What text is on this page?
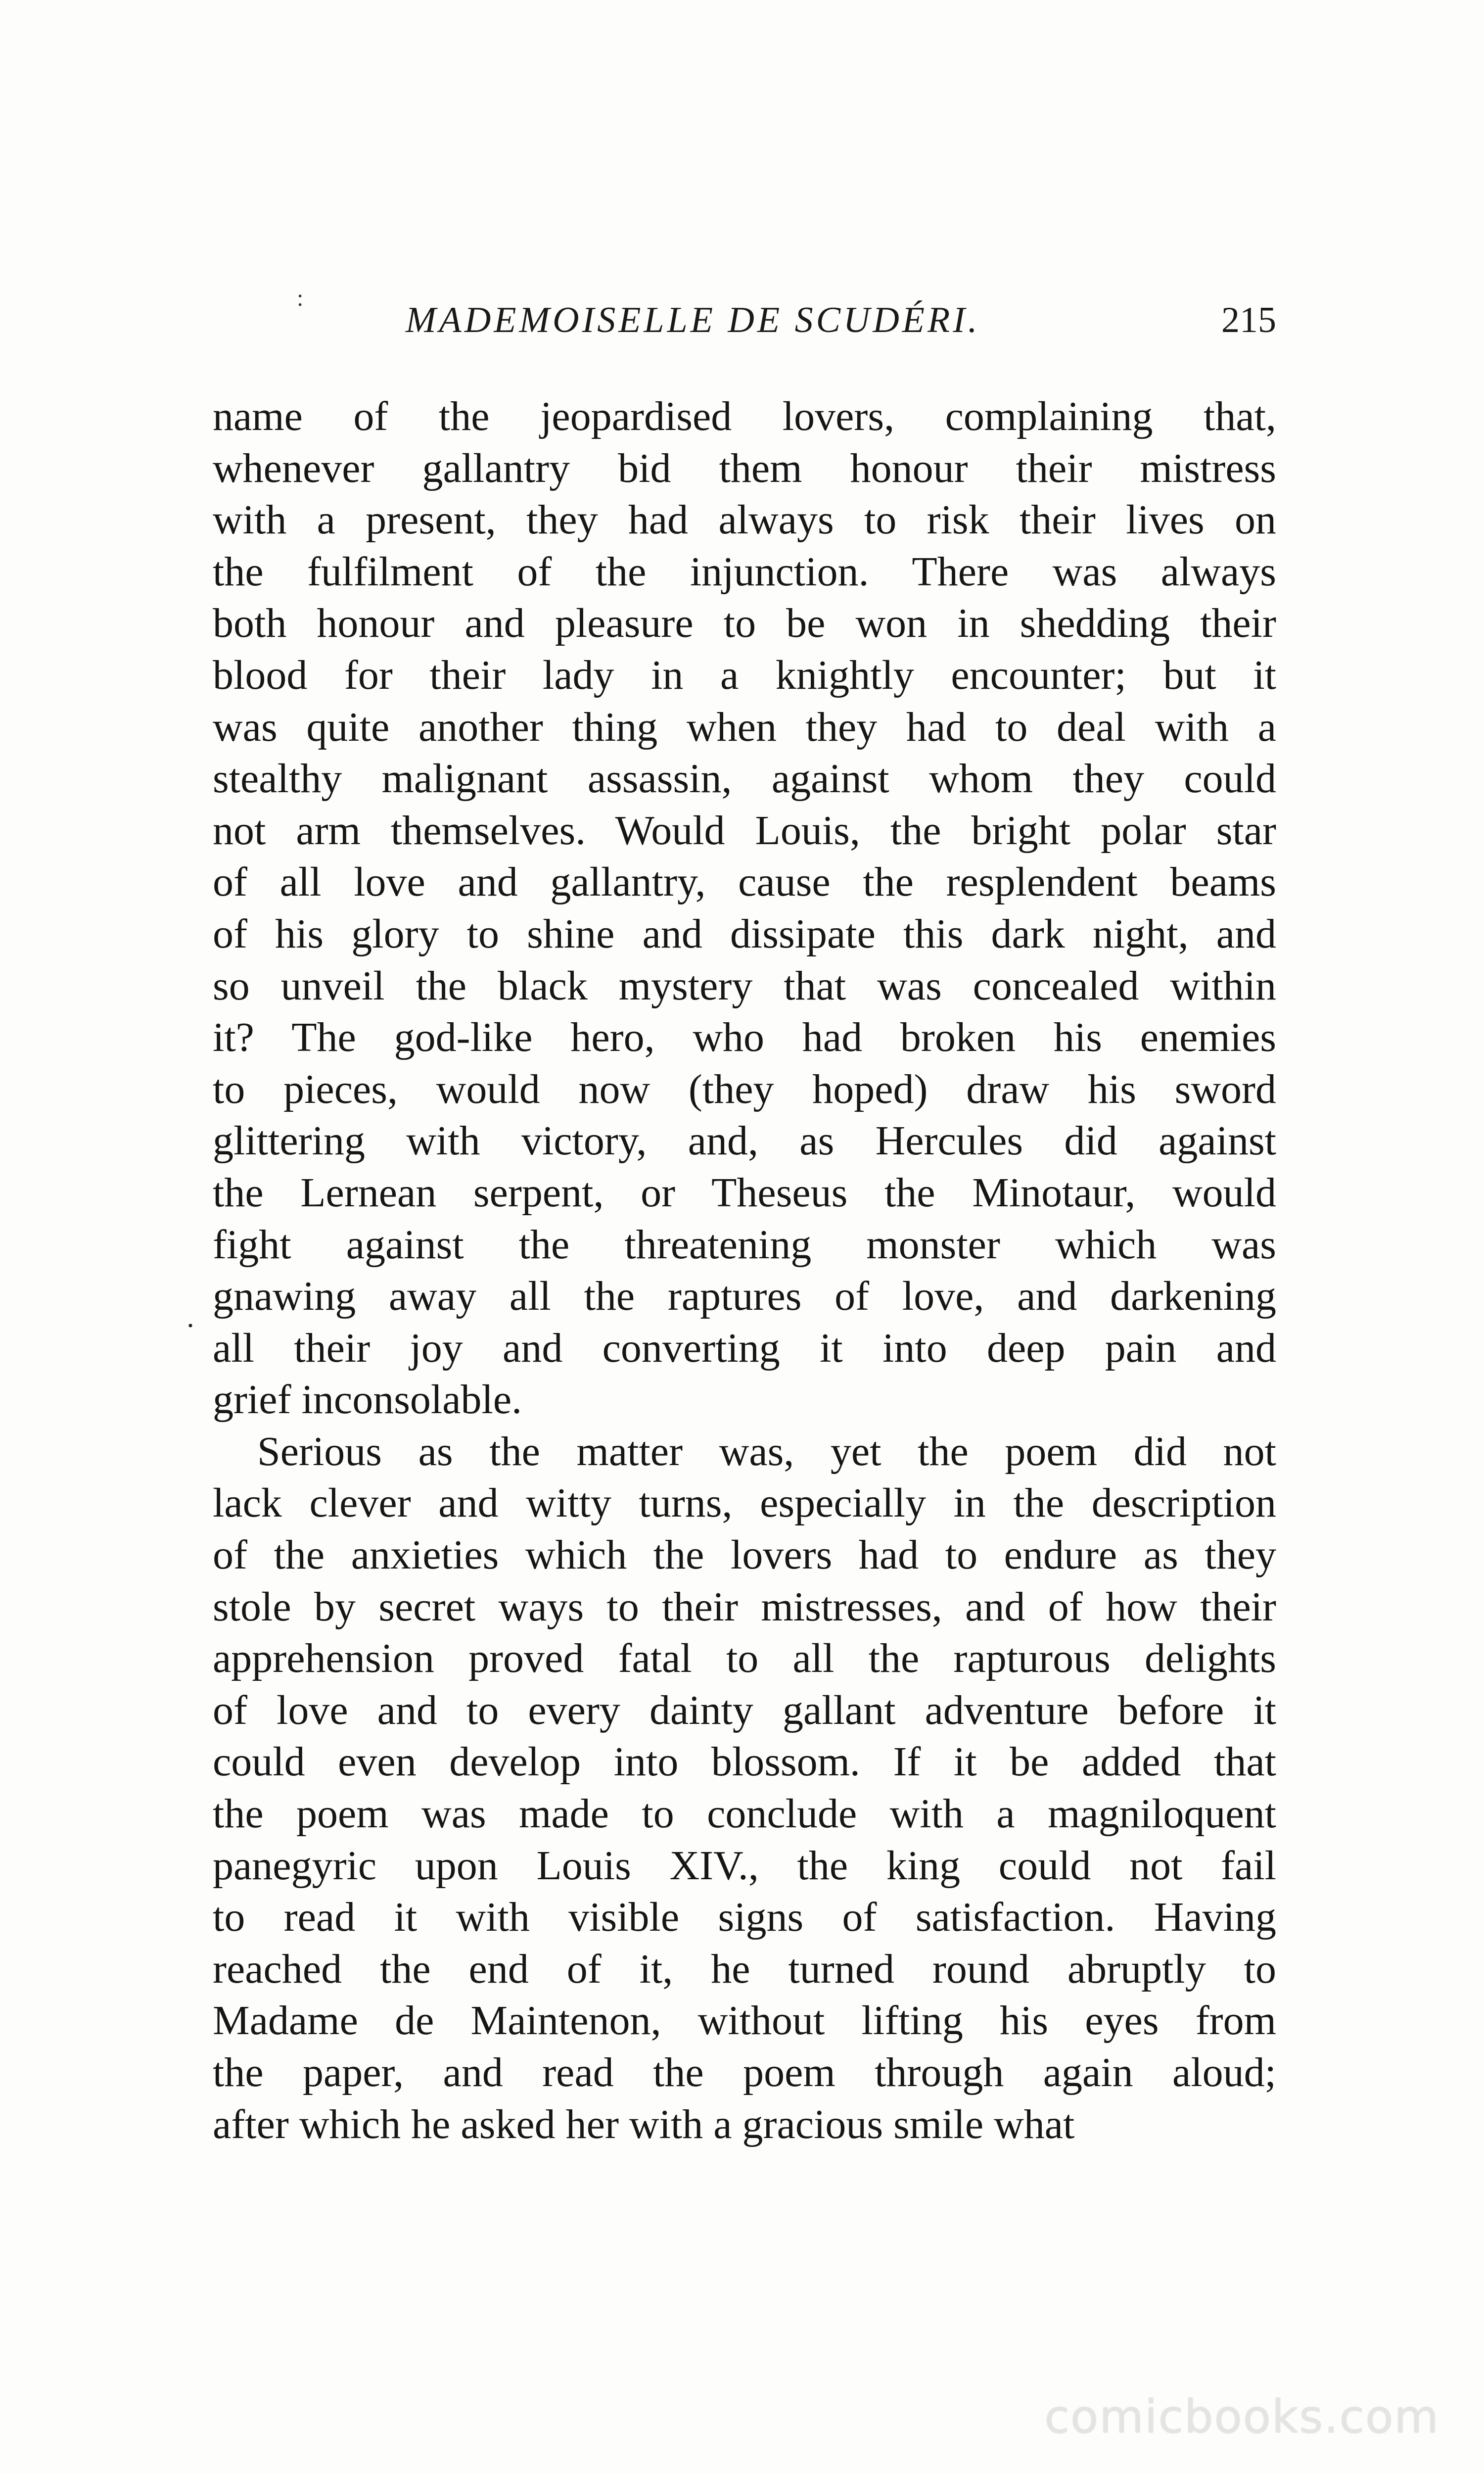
:
MADEMOISELLE DE SCUDÉRI.	215
·
name of the jeopardised lovers, complaining that,
whenever gallantry bid them honour their mistress
with a present, they had always to risk their lives on
the fulfilment of the injunction. There was always
both honour and pleasure to be won in shedding their
blood for their lady in a knightly encounter; but it
was quite another thing when they had to deal with a
stealthy malignant assassin, against whom they could
not arm themselves. Would Louis, the bright polar star
of all love and gallantry, cause the resplendent beams
of his glory to shine and dissipate this dark night, and
so unveil the black mystery that was concealed within
it? The god-like hero, who had broken his enemies
to pieces, would now (they hoped) draw his sword
glittering with victory, and, as Hercules did against
the Lernean serpent, or Theseus the Minotaur, would
fight against the threatening monster which was
gnawing away all the raptures of love, and darkening
all their joy and converting it into deep pain and
grief inconsolable.
Serious as the matter was, yet the poem did not
lack clever and witty turns, especially in the description
of the anxieties which the lovers had to endure as they
stole by secret ways to their mistresses, and of how their
apprehension proved fatal to all the rapturous delights
of love and to every dainty gallant adventure before it
could even develop into blossom. If it be added that
the poem was made to conclude with a magniloquent
panegyric upon Louis XIV., the king could not fail
to read it with visible signs of satisfaction. Having
reached the end of it, he turned round abruptly to
Madame de Maintenon, without lifting his eyes from
the paper, and read the poem through again aloud;
after which he asked her with a gracious smile what
comicbooks.com
